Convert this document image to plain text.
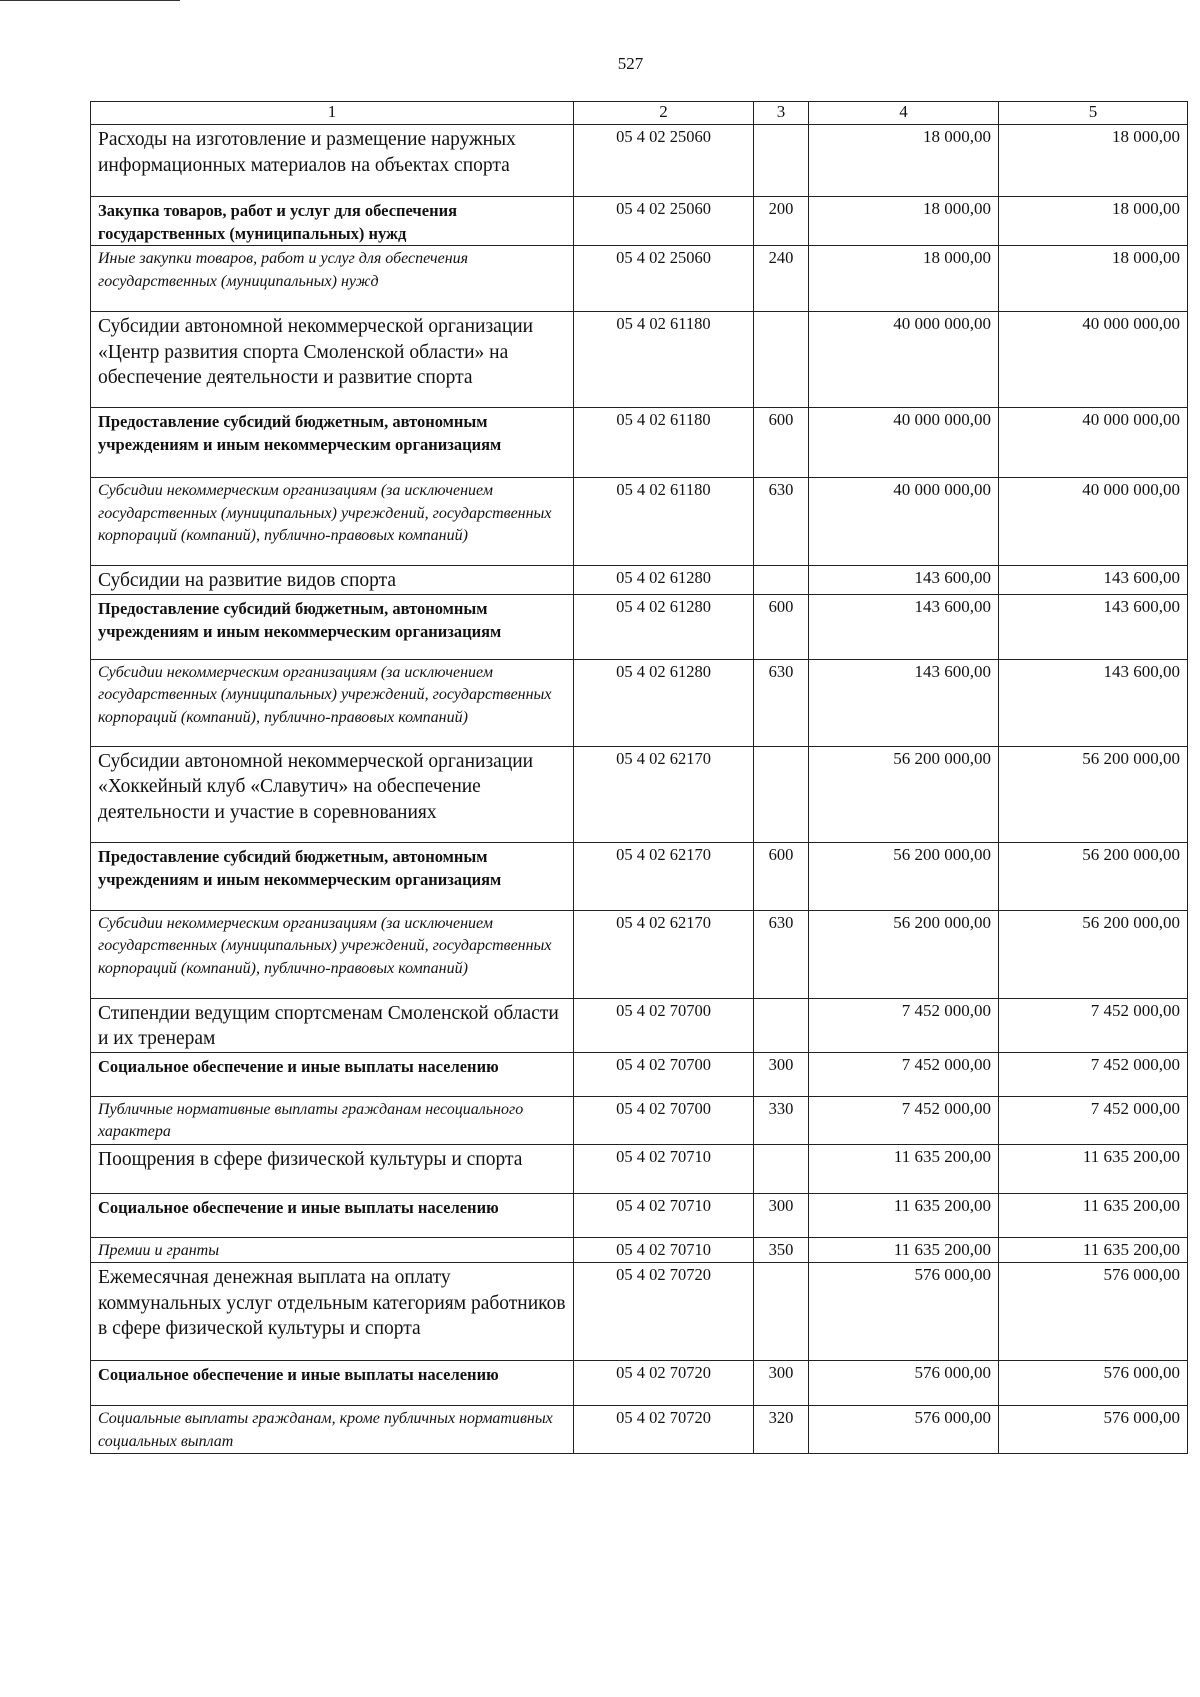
527
1	2	3	4	5
Расходы на изготовление и размещение наружных информационных материалов на объектах спорта	05 4 02 25060		18 000,00	18 000,00
Закупка товаров, работ и услуг для обеспечения государственных (муниципальных) нужд	05 4 02 25060	200	18 000,00	18 000,00
Иные закупки товаров, работ и услуг для обеспечения государственных (муниципальных) нужд	05 4 02 25060	240	18 000,00	18 000,00
Субсидии автономной некоммерческой организации «Центр развития спорта Смоленской области» на обеспечение деятельности и развитие спорта	05 4 02 61180		40 000 000,00	40 000 000,00
Предоставление субсидий бюджетным, автономным учреждениям и иным некоммерческим организациям	05 4 02 61180	600	40 000 000,00	40 000 000,00
Субсидии некоммерческим организациям (за исключением государственных (муниципальных) учреждений, государственных корпораций (компаний), публично-правовых компаний)	05 4 02 61180	630	40 000 000,00	40 000 000,00
Субсидии на развитие видов спорта	05 4 02 61280		143 600,00	143 600,00
Предоставление субсидий бюджетным, автономным учреждениям и иным некоммерческим организациям	05 4 02 61280	600	143 600,00	143 600,00
Субсидии некоммерческим организациям (за исключением государственных (муниципальных) учреждений, государственных корпораций (компаний), публично-правовых компаний)	05 4 02 61280	630	143 600,00	143 600,00
Субсидии автономной некоммерческой организации «Хоккейный клуб «Славутич» на обеспечение деятельности и участие в соревнованиях	05 4 02 62170		56 200 000,00	56 200 000,00
Предоставление субсидий бюджетным, автономным учреждениям и иным некоммерческим организациям	05 4 02 62170	600	56 200 000,00	56 200 000,00
Субсидии некоммерческим организациям (за исключением государственных (муниципальных) учреждений, государственных корпораций (компаний), публично-правовых компаний)	05 4 02 62170	630	56 200 000,00	56 200 000,00
Стипендии ведущим спортсменам Смоленской области и их тренерам	05 4 02 70700		7 452 000,00	7 452 000,00
Социальное обеспечение и иные выплаты населению	05 4 02 70700	300	7 452 000,00	7 452 000,00
Публичные нормативные выплаты гражданам несоциального характера	05 4 02 70700	330	7 452 000,00	7 452 000,00
Поощрения в сфере физической культуры и спорта	05 4 02 70710		11 635 200,00	11 635 200,00
Социальное обеспечение и иные выплаты населению	05 4 02 70710	300	11 635 200,00	11 635 200,00
Премии и гранты	05 4 02 70710	350	11 635 200,00	11 635 200,00
Ежемесячная денежная выплата на оплату коммунальных услуг отдельным категориям работников в сфере физической культуры и спорта	05 4 02 70720		576 000,00	576 000,00
Социальное обеспечение и иные выплаты населению	05 4 02 70720	300	576 000,00	576 000,00
Социальные выплаты гражданам, кроме публичных нормативных социальных выплат	05 4 02 70720	320	576 000,00	576 000,00
